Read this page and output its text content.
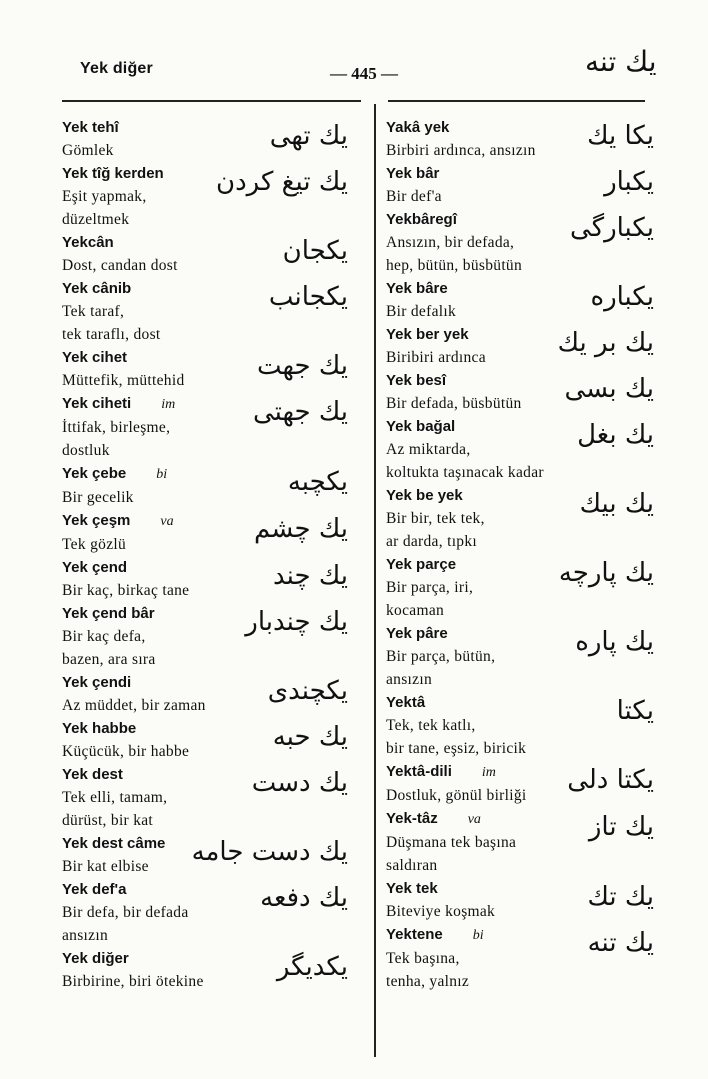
Yek diğer	— 445 —	يك تنه
Yek tehî
Gömlek	يك تهى
Yek tîğ kerden
Eşit yapmak,
düzeltmek
يك تيغ كردن
Yekcân
Dost, candan dost	يكجان
Yek cânib
Tek taraf,
tek taraflı, dost
يكجانب
Yek cihet
Müttefik, müttehid	يك جهت
Yek ciheti im
İttifak, birleşme,
dostluk
يك جهتى
Yek çebe bi
Bir gecelik
يكچبه
Yek çeşm va
Tek gözlü
يك چشم
Yek çend
Bir kaç, birkaç tane	يك چند
Yek çend bâr
Bir kaç defa,
bazen, ara sıra
يك چندبار
Yek çendi
Az müddet, bir zaman	يكچندى
Yek habbe
Küçücük, bir habbe	يك حبه
Yek dest
Tek elli, tamam,
dürüst, bir kat
يك دست
Yek dest câme
Bir kat elbise	يك دست جامه
Yek def'a
Bir defa, bir defada
ansızın
يك دفعه
Yek diğer
Birbirine, biri ötekine	يكديگر
Yakâ yek
Birbiri ardınca, ansızın	يكا يك
Yek bâr
Bir def'a	يكبار
Yekbâregî
Ansızın, bir defada,
hep, bütün, büsbütün
يكبارگى
Yek bâre
Bir defalık	يكباره
Yek ber yek
Biribiri ardınca	يك بر يك
Yek besî
Bir defada, büsbütün	يك بسى
Yek bağal
Az miktarda,
koltukta taşınacak kadar
يك بغل
Yek be yek
Bir bir, tek tek,
ar darda, tıpkı
يك بيك
Yek parçe
Bir parça, iri,
kocaman
يك پارچه
Yek pâre
Bir parça, bütün,
ansızın
يك پاره
Yektâ
Tek, tek katlı,
bir tane, eşsiz, biricik
يكتا
Yektâ-dili im
Dostluk, gönül birliği
يكتا دلى
Yek-tâz va
Düşmana tek başına
saldıran
يك تاز
Yek tek
Biteviye koşmak	يك تك
Yektene bi
Tek başına,
tenha, yalnız
يك تنه
